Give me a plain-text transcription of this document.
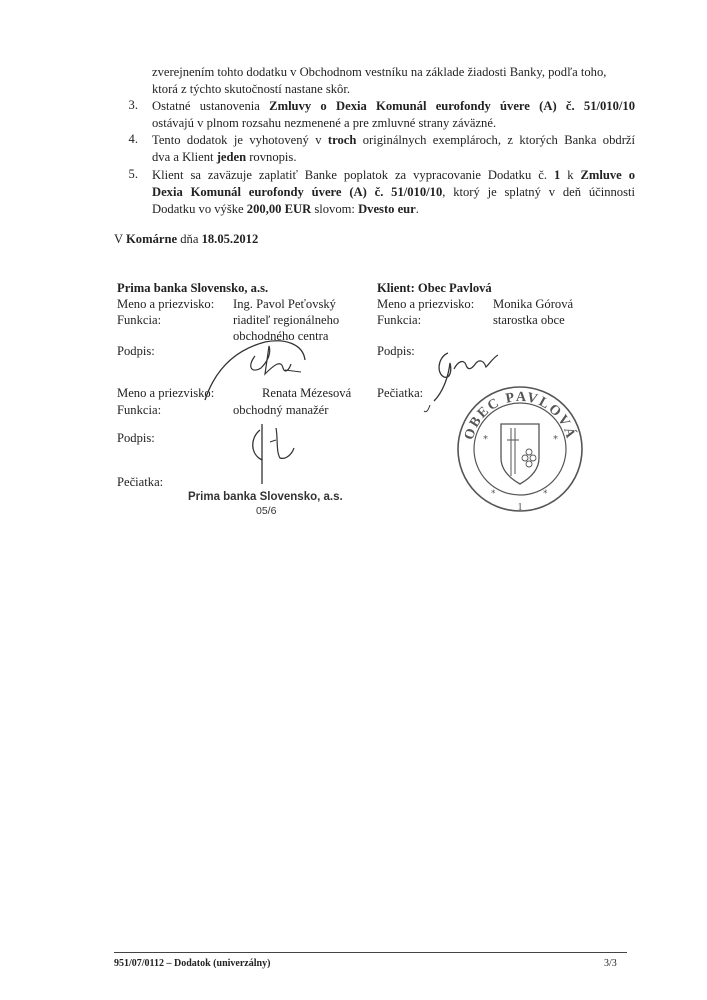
zverejnením tohto dodatku v Obchodnom vestníku na základe žiadosti Banky, podľa toho,
ktorá z týchto skutočností nastane skôr.
3. Ostatné ustanovenia Zmluvy o Dexia Komunál eurofondy úvere (A) č. 51/010/10
ostávajú v plnom rozsahu nezmenené a pre zmluvné strany záväzné.
4. Tento dodatok je vyhotovený v troch originálnych exemplároch, z ktorých Banka obdrží
dva a Klient jeden rovnopis.
5. Klient sa zaväzuje zaplatiť Banke poplatok za vypracovanie Dodatku č. 1 k Zmluve o
Dexia Komunál eurofondy úvere (A) č. 51/010/10, ktorý je splatný v deň účinnosti
Dodatku vo výške 200,00 EUR slovom: Dvesto eur.
V Komárne dňa 18.05.2012
Prima banka Slovensko, a.s.
Meno a priezvisko: Ing. Pavol Peťovský
Funkcia:	riaditeľ regionálneho
obchodného centra
Podpis:
Meno a priezvisko:	Renata Mézesová
Funkcia:	obchodný manažér
Podpis:
Pečiatka:
Prima banka Slovensko, a.s.
05/6
Klient: Obec Pavlová
Meno a priezvisko: Monika Górová
Funkcia:	starostka obce
Podpis:
Pečiatka:
OBEC PAVLOVÁ
*	*
*	*
1
951/07/0112 – Dodatok (univerzálny)	3/3
